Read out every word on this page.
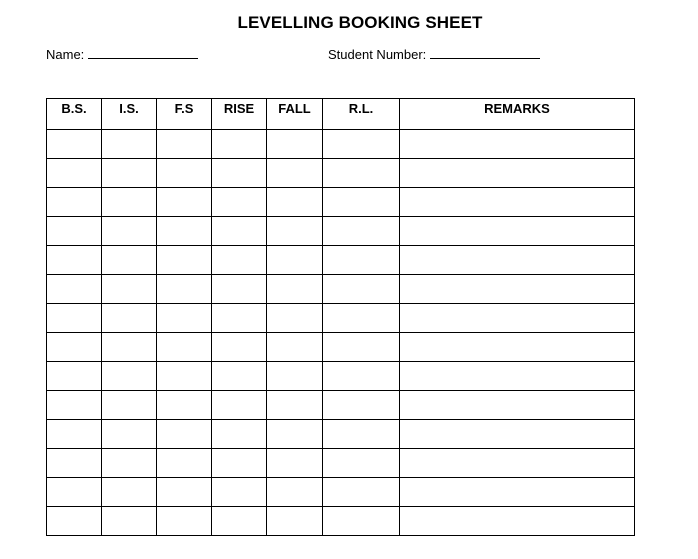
LEVELLING BOOKING SHEET
Name:	Student Number:
B.S.	I.S.	F.S	RISE	FALL	R.L.	REMARKS
